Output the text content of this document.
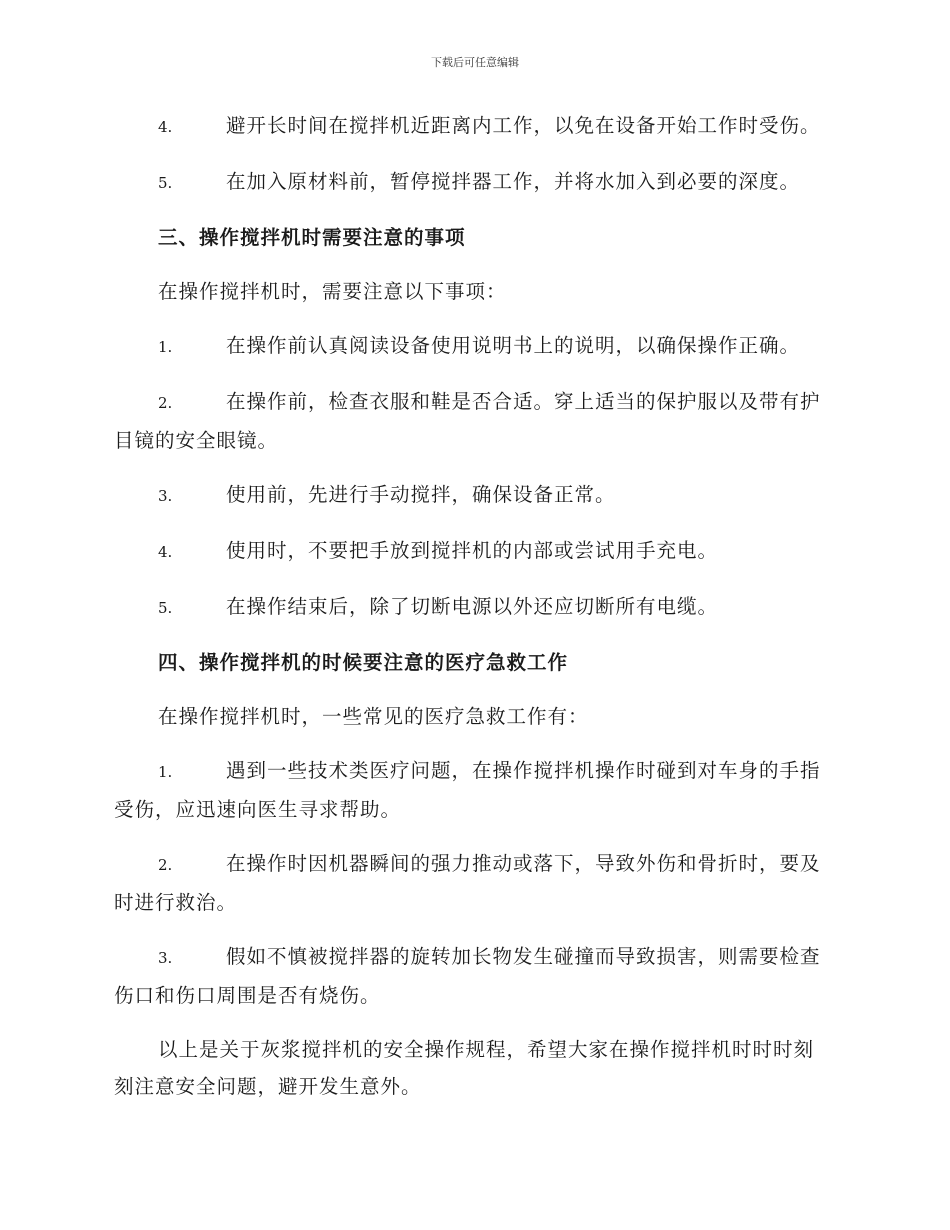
下载后可任意编辑

4.	避开长时间在搅拌机近距离内工作，以免在设备开始工作时受伤。

5.	在加入原材料前，暂停搅拌器工作，并将水加入到必要的深度。

三、操作搅拌机时需要注意的事项

在操作搅拌机时，需要注意以下事项：

1.	在操作前认真阅读设备使用说明书上的说明，以确保操作正确。

2.	在操作前，检查衣服和鞋是否合适。穿上适当的保护服以及带有护目镜的安全眼镜。

3.	使用前，先进行手动搅拌，确保设备正常。

4.	使用时，不要把手放到搅拌机的内部或尝试用手充电。

5.	在操作结束后，除了切断电源以外还应切断所有电缆。

四、操作搅拌机的时候要注意的医疗急救工作

在操作搅拌机时，一些常见的医疗急救工作有：

1.	遇到一些技术类医疗问题，在操作搅拌机操作时碰到对车身的手指受伤，应迅速向医生寻求帮助。

2.	在操作时因机器瞬间的强力推动或落下，导致外伤和骨折时，要及时进行救治。

3.	假如不慎被搅拌器的旋转加长物发生碰撞而导致损害，则需要检查伤口和伤口周围是否有烧伤。

以上是关于灰浆搅拌机的安全操作规程，希望大家在操作搅拌机时时时刻刻注意安全问题，避开发生意外。
